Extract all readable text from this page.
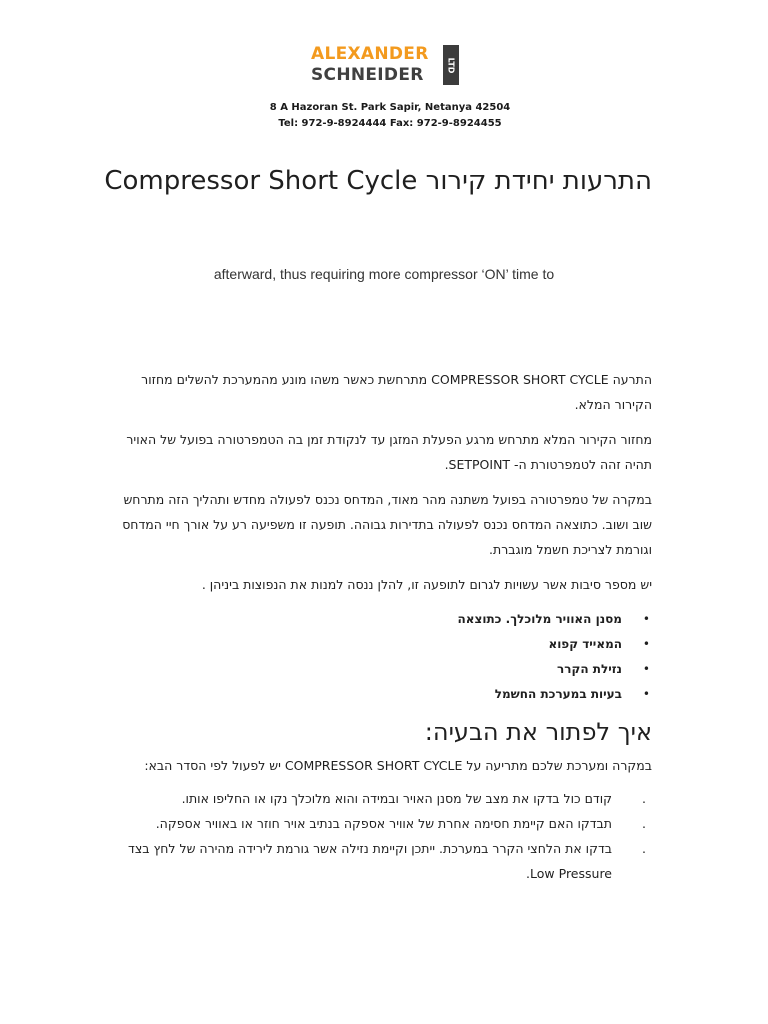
ALEXANDER
SCHNEIDER	LTD
8 A Hazoran St. Park Sapir, Netanya 42504
Tel: 972-9-8924444 Fax: 972-9-8924455
התרעות יחידת קירור Compressor Short Cycle
afterward, thus requiring more compressor ‘ON’ time to

התרעה COMPRESSOR SHORT CYCLE מתרחשת כאשר משהו מונע מהמערכת להשלים מחזור הקירור המלא.

מחזור הקירור המלא מתרחש מרגע הפעלת המזגן עד לנקודת זמן בה הטמפרטורה בפועל של האויר תהיה זהה לטמפרטורת ה- SETPOINT.

במקרה של טמפרטורה בפועל משתנה מהר מאוד, המדחס נכנס לפעולה מחדש ותהליך הזה מתרחש שוב ושוב. כתוצאה המדחס נכנס לפעולה בתדירות גבוהה. תופעה זו משפיעה רע על אורך חיי המדחס וגורמת לצריכת חשמל מוגברת.

יש מספר סיבות אשר עשויות לגרום לתופעה זו, להלן ננסה למנות את הנפוצות ביניהן .

•
מסנן האוויר מלוכלך. כתוצאה
•
המאייד קפוא
•
נזילת הקרר
•
בעיות במערכת החשמל
איך לפתור את הבעיה:

במקרה ומערכת שלכם מתריעה על COMPRESSOR SHORT CYCLE יש לפעול לפי הסדר הבא:

.
קודם כול בדקו את מצב של מסנן האויר ובמידה והוא מלוכלך נקו או החליפו אותו.
.
תבדקו האם קיימת חסימה אחרת של אוויר אספקה בנתיב אויר חוזר או באוויר אספקה.
.
בדקו את הלחצי הקרר במערכת. ייתכן וקיימת נזילה אשר גורמת לירידה מהירה של לחץ בצד Low Pressure.
